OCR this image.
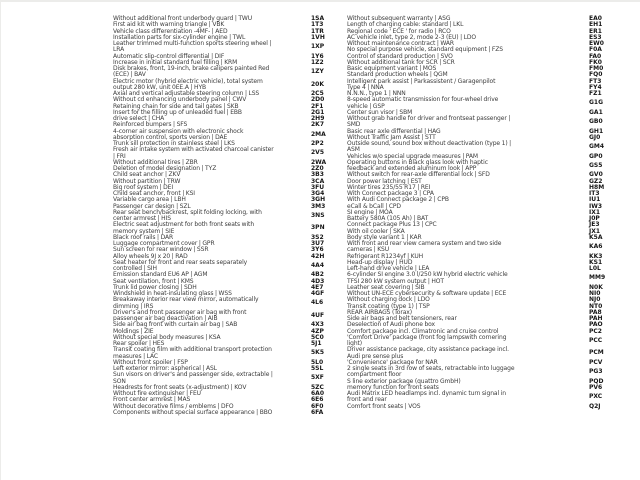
Without additional front underbody guard | TWU	1SA
First aid kit with warning triangle | VBK	1T3
Vehicle class differentiation -4MF- | AED	1TR
Installation parts for six-cylinder engine | TWL	1VH
Leather trimmed multi-function sports steering wheel | LRA	1XP
Automatic slip-control differential | DIF	1Y6
Increase in initial standard fuel filling | KRM	1Z2
Disk brakes, front, 19-inch, brake calipers painted Red (ECE) | BAV	1ZY
Electric motor (hybrid electric vehicle), total system output 280 kW, unit 0EE.A | HYB	20K
Axial and vertical adjustable steering column | LSS	2C5
Without cd enhancing underbody panel | CWV	2D0
Retaining chain for side and tail gates | SKB	2F1
Insert for the filling up of unleaded fuel | EBB	2G1
drive select | CHA	2H9
Reinforced bumpers | SFS	2K7
4-corner air suspension with electronic shock absorption control, sports version | DAE	2MA
Trunk sill protection in stainless steel | LKS	2P2
Fresh air intake system with activated charcoal canister | FRI	2V5
Without additional tires | ZBR	2WA
Deletion of model designation | TYZ	2Z0
Child seat anchor | ZKV	3B3
Without partition | TRW	3CA
Big roof system | DEI	3FU
Child seat anchor, front | KSI	3G4
Variable cargo area | LBH	3GH
Passenger car design | SZL	3M3
Rear seat bench/backrest, split folding locking, with center armrest | HIS	3NS
Electric seat adjustment for both front seats with memory system | SIE	3PN
Black roof rails | DAR	3S2
Luggage compartment cover | GPR	3U7
Sun screen for rear window | SSR	3Y6
Alloy wheels 9J x 20 | RAD	42H
Seat heater for front and rear seats separately controlled | SIH	4A4
Emission standard EU6 AP | AGM	4B2
Seat ventilation, front | KMS	4D3
Trunk lid power closing | SDH	4E7
Windshield in heat-insulating glass | WSS	4GF
Breakaway interior rear view mirror, automatically dimming | IRS	4L6
Driver's and front passenger air bag with front passenger air bag deactivation | AIB	4UF
Side air bag front with curtain air bag | SAB	4X3
Moldings | ZIE	4ZP
Without special body measures | KSA	5C0
Rear spoiler | HES	5J1
Transit coating film with additional transport protection measures | LAC	5K5
Without front spoiler | FSP	5L0
Left exterior mirror: aspherical | ASL	5SL
Sun visors on driver's and passenger side, extractable | SON	5XF
Headrests for front seats (x-adjustment) | KOV	5ZC
Without fire extinguisher | FEU	6A0
Front center armrest | MAS	6E6
Without decorative films / emblems | DFO	6F0
Components without special surface appearance | BBO	6FA
Without subsequent warranty | ASG	EA0
Length of charging cable: standard | LKL	EH1
Regional code ' ECE ' for radio | RCO	ER1
AC vehicle inlet, type 2, mode 2-3 (EU) | LDO	ES3
Without maintenance contract | WAR	EW0
No special purpose vehicle, standard equipment | FZS	F0A
Control of standard production | SVO	FA0
Without additional tank for SCR | SCR	FK0
Basic equipment variant | MOS	FM0
Standard production wheels | QGM	FQ0
Intelligent park assist | Parkassistent / Garagenpilot	FT3
Type 4 | NNA	FY4
N.N.N., type 1 | NNN	FZ1
8-speed automatic transmission for four-wheel drive vehicle | GSP	G1G
Center sun visor | SBM	GA1
Without grab handle for driver and frontseat passenger | SMD	GB0
Basic rear axle differential | HAG	GH1
Without Traffic Jam Assist | STT	GJ0
Outside sound, sound box without deactivation (type 1) | ASM	GM4
Vehicles w/o special upgrade measures | PAM	GP0
Operating buttons in Black glass look with haptic feedback and extended aluminum look | APP	GS5
Without switch for rear-axle differential lock | SFD	GV0
Door power latching | EST	GZ2
Winter tires 235/55 R17 | REI	H8M
With Connect package 3 | CPA	IT3
With Audi Connect package 2 | CPB	IU1
eCall & bCall | CPD	IW3
SI engine | MOA	IX1
Battery 580A (105 Ah) | BAT	J0P
Connect package Plus 13 | CPC	JE3
With oil cooler | SKA	JX1
Body style variant 1 | KAR	K5A
With front and rear view camera system and two side cameras | KSU	KA6
Refrigerant R1234yf | KUH	KK3
Head-up display | HUD	KS1
Left-hand drive vehicle | LEA	L0L
6-cylinder SI engine 3.0 l/250 kW hybrid electric vehicle TFSI 280 kW system output | HOT	MM9
Leather seat covering | SIB	N0K
Without UN-ECE cybersecurity & software update | ECE	NI0
Without charging dock | LDO	NJ0
Transit coating (type 1) | TSP	NT0
REAR AIRBAGS (Torax)	PA8
Side air bags and belt tensioners, rear	PAH
Deselection of Audi phone box	PAO
Comfort package incl. Climatronic and cruise control	PC2
'Comfort Drive' package (front fog lampswith cornering light)	PCC
Driver assistance package, city assistance package incl. Audi pre sense plus	PCM
'Convenience' package for NAR	PCV
2 single seats in 3rd row of seats, retractable into luggage compartment floor	PG3
S line exterior package (quattro GmbH)	PQD
memory function for front seats	PV6
Audi Matrix LED headlamps incl. dynamic turn signal in front and rear	PXC
Comfort front seats | VOS	Q2J
